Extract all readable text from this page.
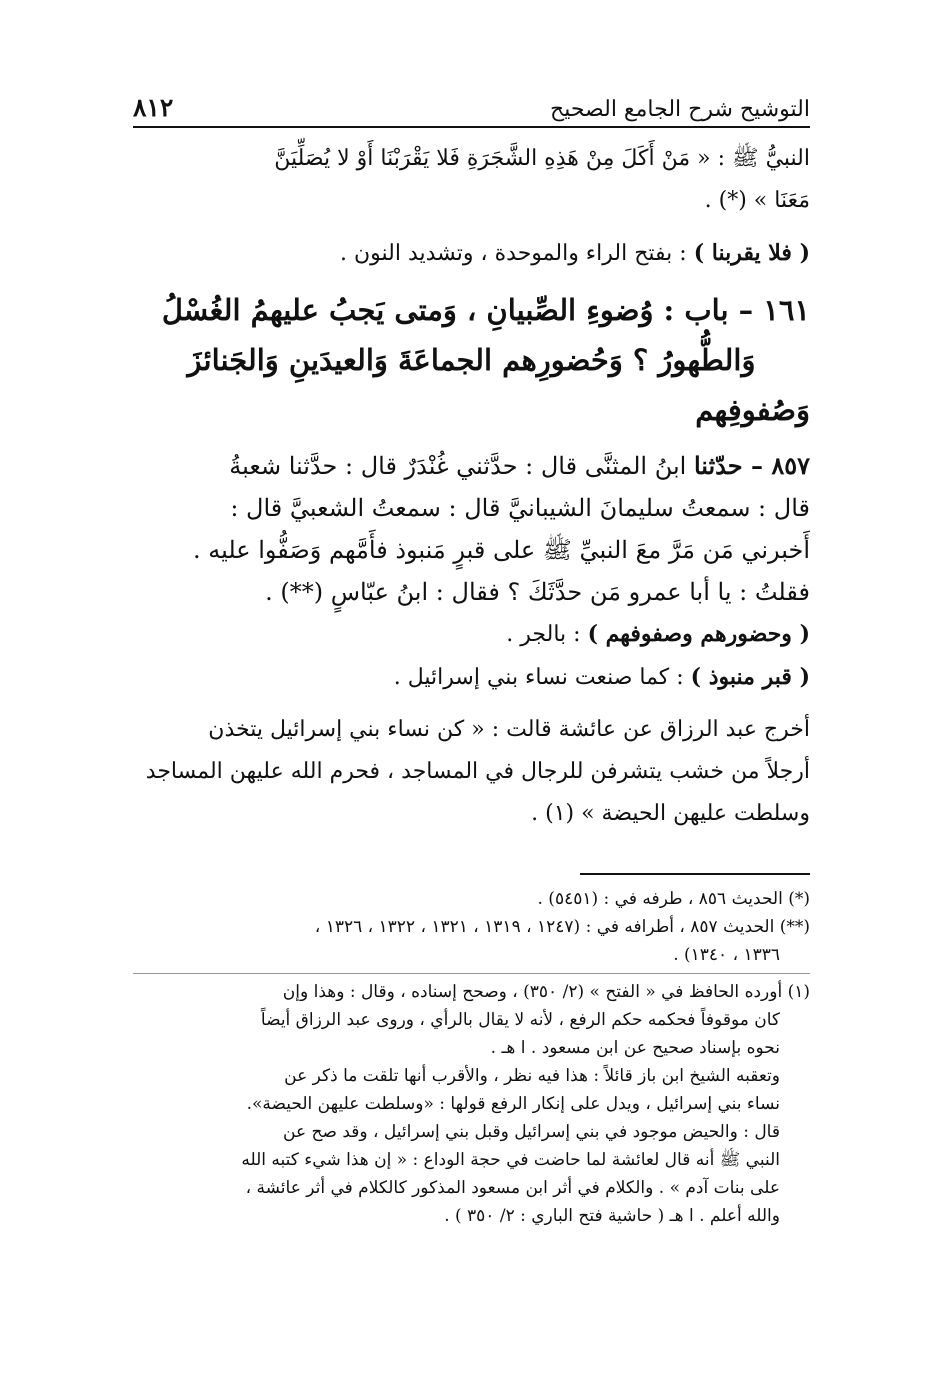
التوشيح شرح الجامع الصحيح
٨١٢

النبيُّ ﷺ : « مَنْ أَكَلَ مِنْ هَذِهِ الشَّجَرَةِ فَلا يَقْرَبْنَا أَوْ لا يُصَلِّيَنَّ

مَعَنَا » (*) .

( فلا يقربنا ) : بفتح الراء والموحدة ، وتشديد النون .

١٦١ – باب : وُضوءِ الصِّبيانِ ، وَمتى يَجبُ عليهمُ الغُسْلُ

وَالطُّهورُ ؟ وَحُضورِهم الجماعَةَ وَالعيدَينِ وَالجَنائزَ وَصُفوفِهم

٨٥٧ – حدّثنا ابنُ المثنَّى قال : حدَّثني غُنْدَرٌ قال : حدَّثنا شعبةُ

قال : سمعتُ سليمانَ الشيبانيَّ قال : سمعتُ الشعبيَّ قال :

أَخبرني مَن مَرَّ معَ النبيِّ ﷺ على قبرٍ مَنبوذ فأَمَّهم وَصَفُّوا عليه .

فقلتُ : يا أبا عمرو مَن حدَّثَكَ ؟ فقال : ابنُ عبّاسٍ (**) .

( وحضورهم وصفوفهم ) : بالجر .

( قبر منبوذ ) : كما صنعت نساء بني إسرائيل .

أخرج عبد الرزاق عن عائشة قالت : « كن نساء بني إسرائيل يتخذن

أرجلاً من خشب يتشرفن للرجال في المساجد ، فحرم الله عليهن المساجد

وسلطت عليهن الحيضة » (١) .

(*) الحديث ٨٥٦ ، طرفه في : (٥٤٥١) .

(**) الحديث ٨٥٧ ، أطرافه في : (١٢٤٧ ، ١٣١٩ ، ١٣٢١ ، ١٣٢٢ ، ١٣٢٦ ،

١٣٣٦ ، ١٣٤٠) .

(١) أورده الحافظ في « الفتح » (٢/ ٣٥٠) ، وصحح إسناده ، وقال : وهذا وإن

كان موقوفاً فحكمه حكم الرفع ، لأنه لا يقال بالرأي ، وروى عبد الرزاق أيضاً

نحوه بإسناد صحيح عن ابن مسعود . ا هـ .

وتعقبه الشيخ ابن باز قائلاً : هذا فيه نظر ، والأقرب أنها تلقت ما ذكر عن

نساء بني إسرائيل ، ويدل على إنكار الرفع قولها : «وسلطت عليهن الحيضة».

قال : والحيض موجود في بني إسرائيل وقبل بني إسرائيل ، وقد صح عن

النبي ﷺ أنه قال لعائشة لما حاضت في حجة الوداع : « إن هذا شيء كتبه الله

على بنات آدم » . والكلام في أثر ابن مسعود المذكور كالكلام في أثر عائشة ،

والله أعلم . ا هـ ( حاشية فتح الباري : ٢/ ٣٥٠ ) .
